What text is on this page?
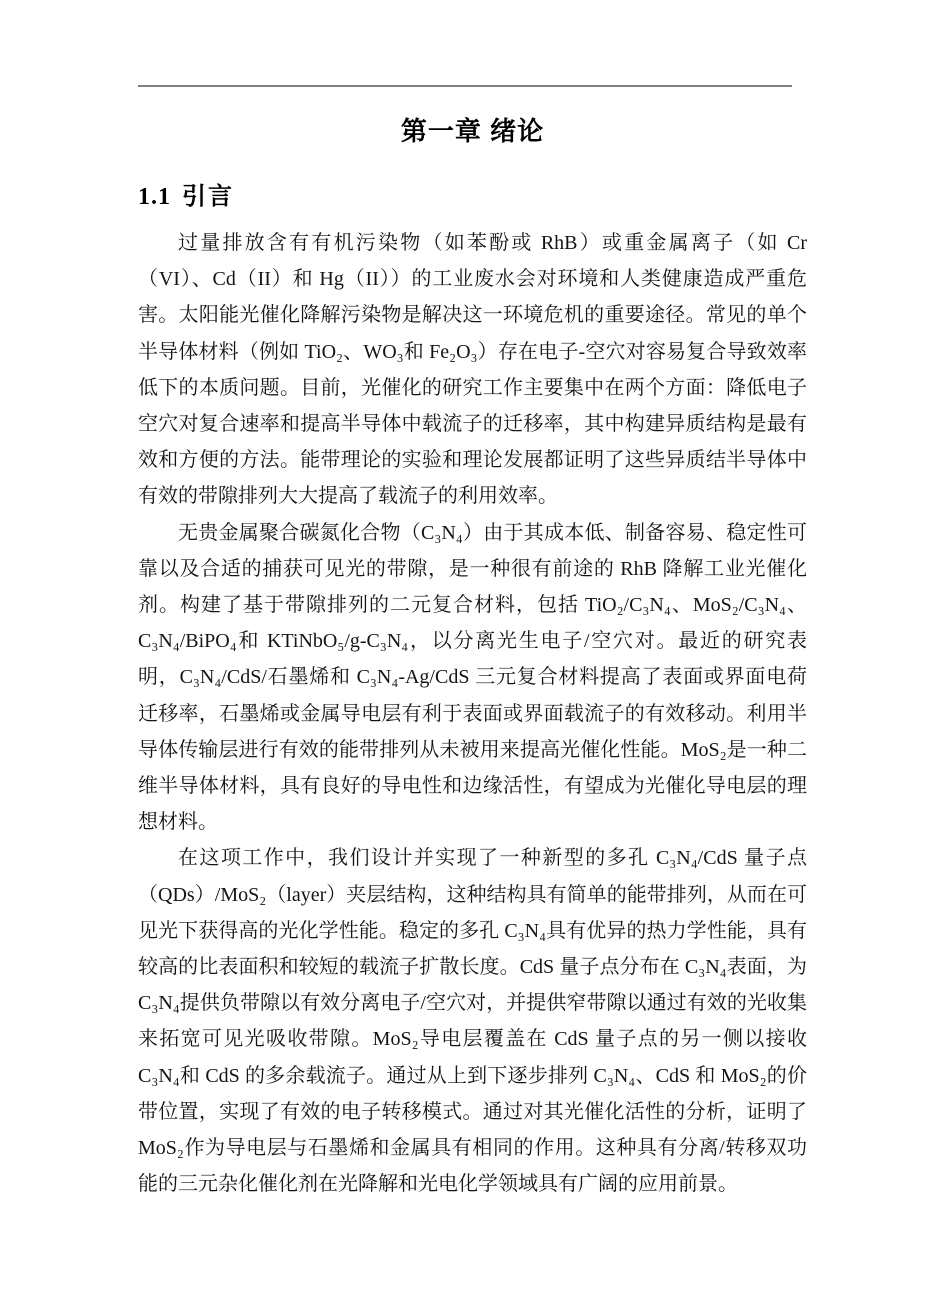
第一章 绪论
1.1 引言

过量排放含有有机污染物（如苯酚或 RhB）或重金属离子（如 Cr（VI）、Cd（II）和 Hg（II））的工业废水会对环境和人类健康造成严重危害。太阳能光催化降解污染物是解决这一环境危机的重要途径。常见的单个半导体材料（例如 TiO₂、WO₃和 Fe₂O₃）存在电子-空穴对容易复合导致效率低下的本质问题。目前，光催化的研究工作主要集中在两个方面：降低电子空穴对复合速率和提高半导体中载流子的迁移率，其中构建异质结构是最有效和方便的方法。能带理论的实验和理论发展都证明了这些异质结半导体中有效的带隙排列大大提高了载流子的利用效率。

无贵金属聚合碳氮化合物（C₃N₄）由于其成本低、制备容易、稳定性可靠以及合适的捕获可见光的带隙，是一种很有前途的 RhB 降解工业光催化剂。构建了基于带隙排列的二元复合材料，包括 TiO₂/C₃N₄、MoS₂/C₃N₄、C₃N₄/BiPO₄和 KTiNbO₅/g-C₃N₄，以分离光生电子/空穴对。最近的研究表明，C₃N₄/CdS/石墨烯和 C₃N₄-Ag/CdS 三元复合材料提高了表面或界面电荷迁移率，石墨烯或金属导电层有利于表面或界面载流子的有效移动。利用半导体传输层进行有效的能带排列从未被用来提高光催化性能。MoS₂是一种二维半导体材料，具有良好的导电性和边缘活性，有望成为光催化导电层的理想材料。

在这项工作中，我们设计并实现了一种新型的多孔 C₃N₄/CdS 量子点（QDs）/MoS₂（layer）夹层结构，这种结构具有简单的能带排列，从而在可见光下获得高的光化学性能。稳定的多孔 C₃N₄具有优异的热力学性能，具有较高的比表面积和较短的载流子扩散长度。CdS 量子点分布在 C₃N₄表面，为 C₃N₄提供负带隙以有效分离电子/空穴对，并提供窄带隙以通过有效的光收集来拓宽可见光吸收带隙。MoS₂导电层覆盖在 CdS 量子点的另一侧以接收 C₃N₄和 CdS 的多余载流子。通过从上到下逐步排列 C₃N₄、CdS 和 MoS₂的价带位置，实现了有效的电子转移模式。通过对其光催化活性的分析，证明了 MoS₂作为导电层与石墨烯和金属具有相同的作用。这种具有分离/转移双功能的三元杂化催化剂在光降解和光电化学领域具有广阔的应用前景。
